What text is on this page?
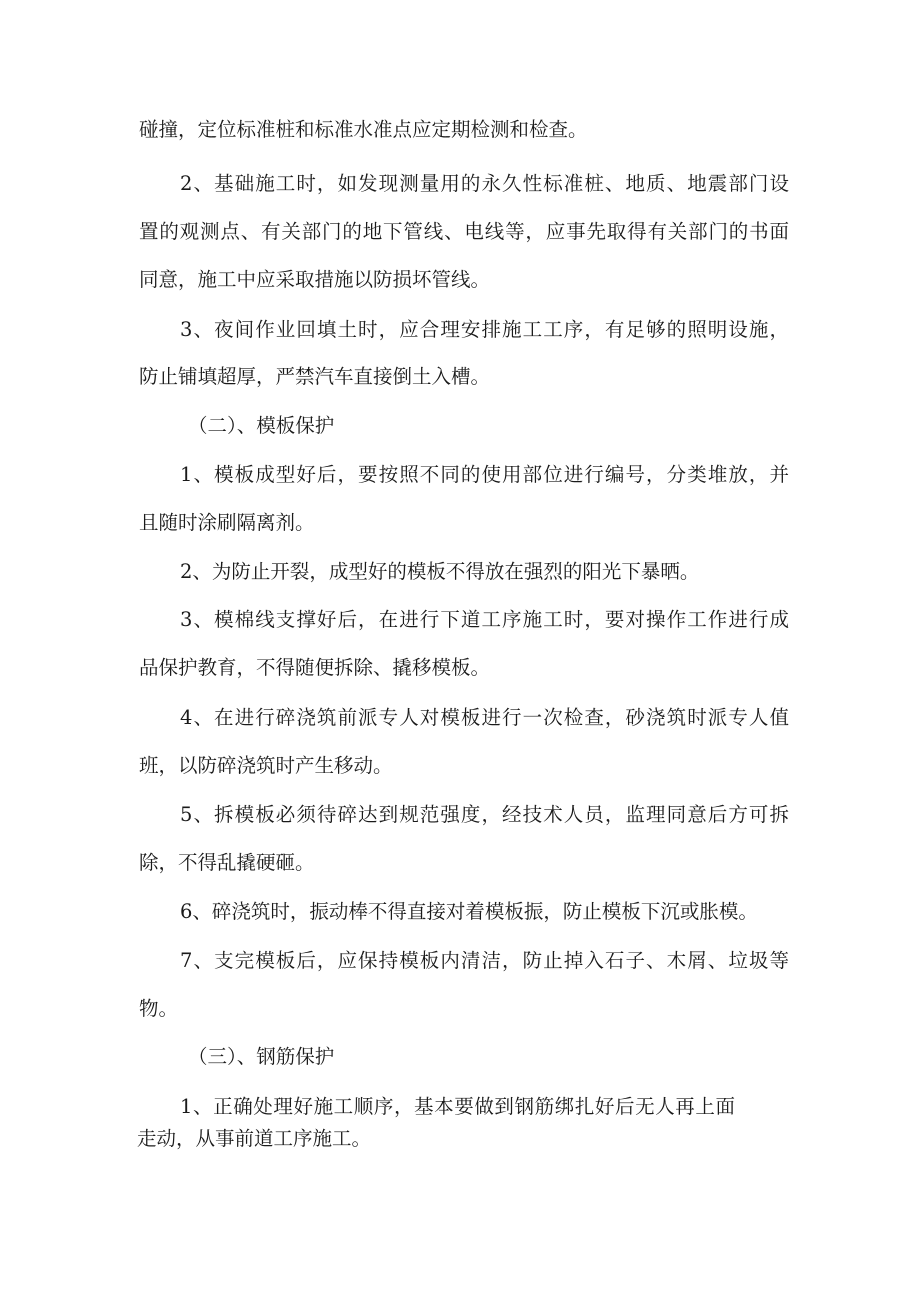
碰撞，定位标准桩和标准水准点应定期检测和检查。
2、基础施工时，如发现测量用的永久性标准桩、地质、地震部门设
置的观测点、有关部门的地下管线、电线等，应事先取得有关部门的书面
同意，施工中应采取措施以防损坏管线。
3、夜间作业回填土时，应合理安排施工工序，有足够的照明设施，
防止铺填超厚，严禁汽车直接倒土入槽。
（二）、模板保护
1、模板成型好后，要按照不同的使用部位进行编号，分类堆放，并
且随时涂刷隔离剂。
2、为防止开裂，成型好的模板不得放在强烈的阳光下暴晒。
3、模棉线支撑好后，在进行下道工序施工时，要对操作工作进行成
品保护教育，不得随便拆除、撬移模板。
4、在进行碎浇筑前派专人对模板进行一次检查，砂浇筑时派专人值
班，以防碎浇筑时产生移动。
5、拆模板必须待碎达到规范强度，经技术人员，监理同意后方可拆
除，不得乱撬硬砸。
6、碎浇筑时，振动棒不得直接对着模板振，防止模板下沉或胀模。
7、支完模板后，应保持模板内清洁，防止掉入石子、木屑、垃圾等
物。
（三）、钢筋保护
1、正确处理好施工顺序，基本要做到钢筋绑扎好后无人再上面
走动，从事前道工序施工。
